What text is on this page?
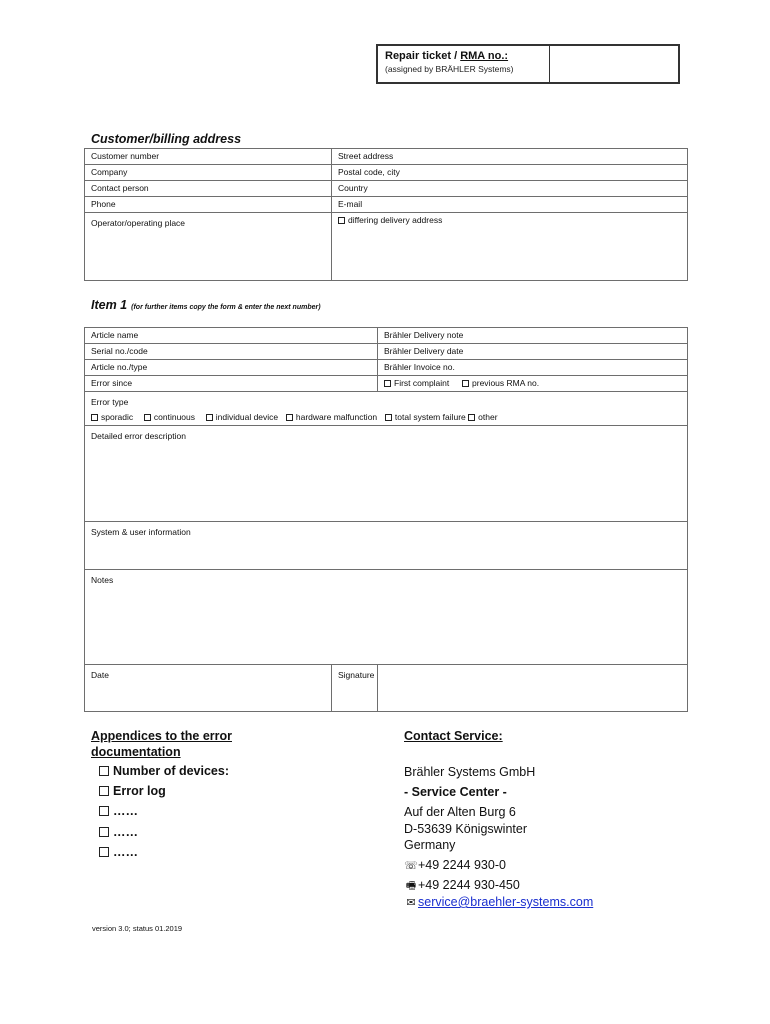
Repair ticket / RMA no.:
(assigned by BRÄHLER Systems)
Customer/billing address
Customer number	Street address
Company	Postal code, city
Contact person	Country
Phone	E-mail
Operator/operating place	differing delivery address
Item 1 (for further items copy the form & enter the next number)
Article name	Brähler Delivery note
Serial no./code	Brähler Delivery date
Article no./type	Brähler Invoice no.
Error since	First complaint previous RMA no.

Error type
sporadic continuous individual device hardware malfunction total system failure other	

Detailed error description	
System & user information	
Notes	
Date	Signature
Appendices to the error
documentation
Number of devices:
Error log
……
……
……
Contact Service:
Brähler Systems GmbH
- Service Center -
Auf der Alten Burg 6
D-53639 Königswinter
Germany
☏+49 2244 930-0
🖷 +49 2244 930-450
✉ service@braehler-systems.com
version 3.0; status 01.2019
